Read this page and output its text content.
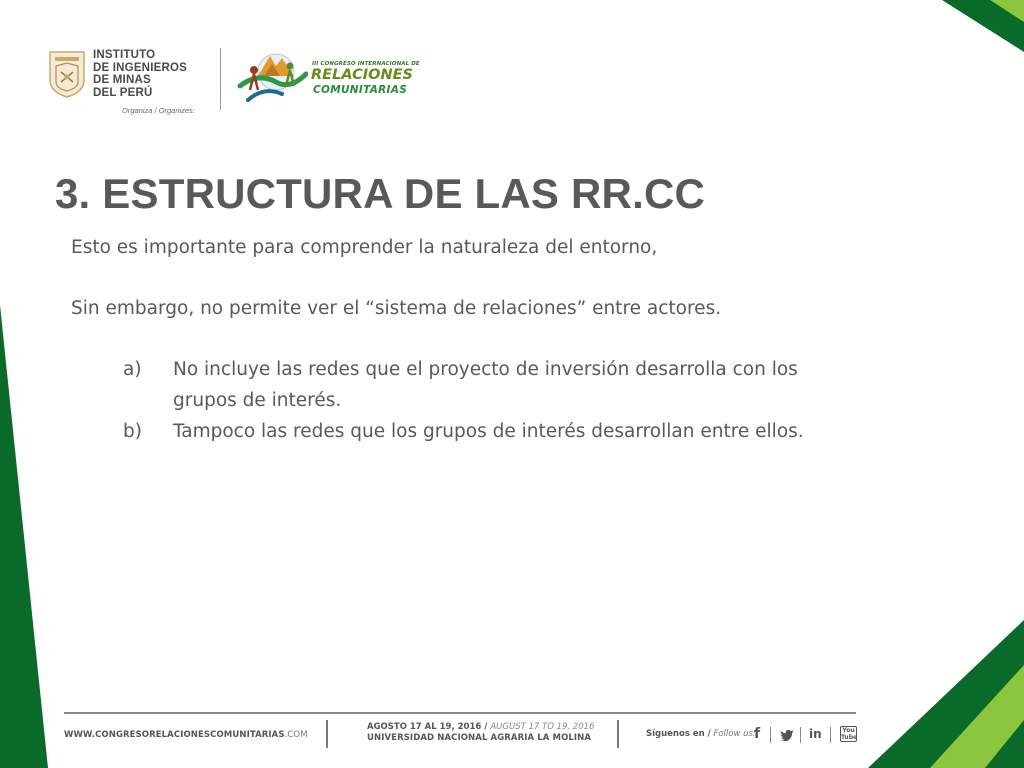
INSTITUTO
DE INGENIEROS
DE MINAS
DEL PERÚ
Organiza / Organizes:
III CONGRESO INTERNACIONAL DE
RELACIONES
COMUNITARIAS
3. ESTRUCTURA DE LAS RR.CC

Esto es importante para comprender la naturaleza del entorno,

Sin embargo, no permite ver el “sistema de relaciones” entre actores.

a) No incluye las redes que el proyecto de inversión desarrolla con los
grupos de interés.
b) Tampoco las redes que los grupos de interés desarrollan entre ellos.
WWW.CONGRESORELACIONESCOMUNITARIAS.COM
AGOSTO 17 AL 19, 2016 / AUGUST 17 TO 19, 2016
UNIVERSIDAD NACIONAL AGRARIA LA MOLINA	Síguenos en / Follow us:
f	in	You Tube
